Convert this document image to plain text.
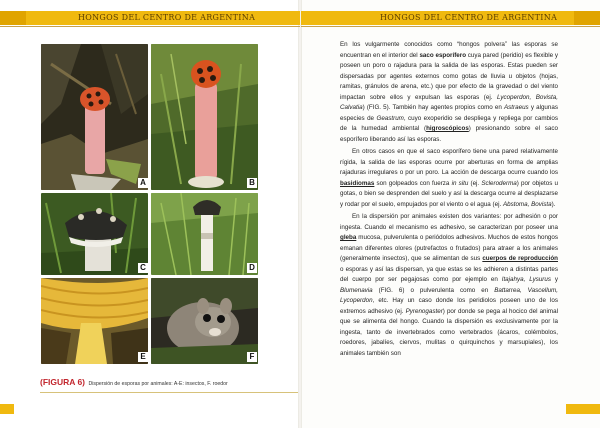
HONGOS DEL CENTRO DE ARGENTINA	HONGOS DEL CENTRO DE ARGENTINA
A	B
C	D
E	F
(FIGURA 6) Dispersión de esporas por animales: A-E: insectos, F. roedor

En los vulgarmente conocidos como “hongos polvera” las esporas se encuentran en el interior del saco esporífero cuya pared (peridio) es flexible y poseen un poro o rajadura para la salida de las esporas. Estas pueden ser dispersadas por agentes externos como gotas de lluvia u objetos (hojas, ramitas, gránulos de arena, etc.) que por efecto de la gravedad o del viento impactan sobre ellos y expulsan las esporas (ej. Lycoperdon, Bovista, Calvatia) (FIG. 5). También hay agentes propios como en Astraeus y algunas especies de Geastrum, cuyo exoperidio se despliega y repliega por cambios de la humedad ambiental (higroscópicos) presionando sobre el saco esporífero liberando así las esporas.

En otros casos en que el saco esporífero tiene una pared relativamente rígida, la salida de las esporas ocurre por aberturas en forma de amplias rajaduras irregulares o por un poro. La acción de descarga ocurre cuando los basidiomas son golpeados con fuerza in situ (ej. Scleroderma) por objetos u gotas, o bien se desprenden del suelo y así la descarga ocurre al desplazarse y rodar por el suelo, empujados por el viento o el agua (ej. Abstoma, Bovista).

En la dispersión por animales existen dos variantes: por adhesión o por ingesta. Cuando el mecanismo es adhesivo, se caracterizan por poseer una gleba mucosa, pulverulenta o periódolos adhesivos. Muchos de estos hongos emanan diferentes olores (putrefactos o frutados) para atraer a los animales (generalmente insectos), que se alimentan de sus cuerpos de reproducción o esporas y así las dispersan, ya que estas se les adhieren a distintas partes del cuerpo por ser pegajosas como por ejemplo en Itajahya, Lysurus y Blumenavia (FIG. 6) o pulverulenta como en Battarrea, Vascellum, Lycoperdon, etc. Hay un caso donde los peridiolos poseen uno de los extremos adhesivo (ej. Pyrenogaster) por donde se pega al hocico del animal que se alimenta del hongo. Cuando la dispersión es exclusivamente por la ingesta, tanto de invertebrados como vertebrados (ácaros, colémbolos, roedores, jabalíes, ciervos, mulitas o quirquinchos y marsupiales), los animales también son
